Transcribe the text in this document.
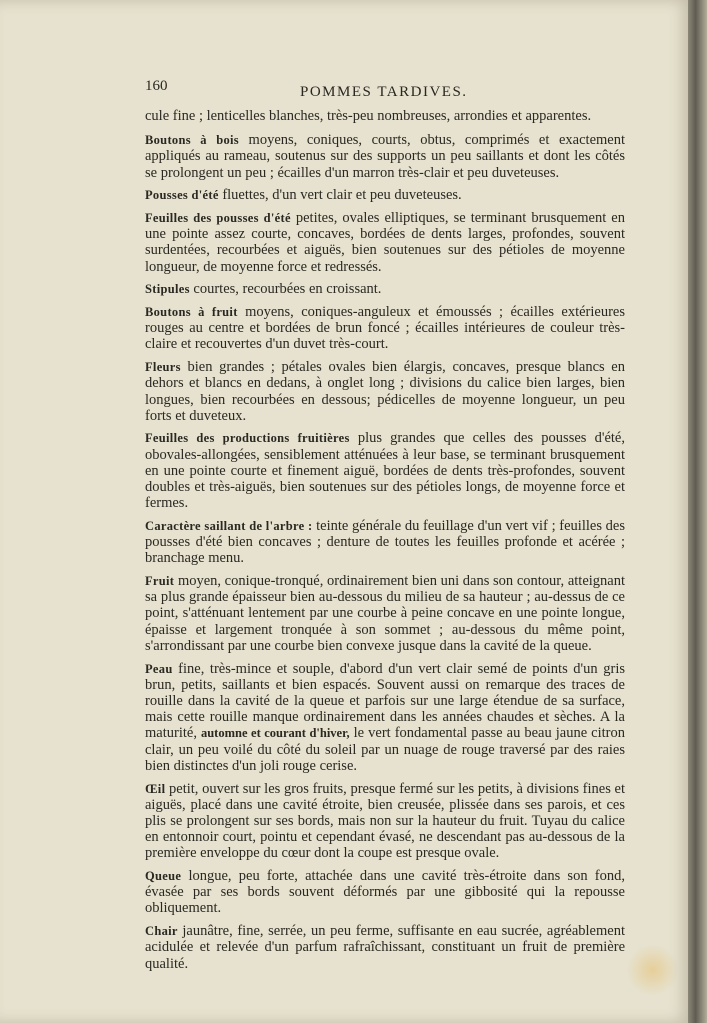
160	POMMES TARDIVES.

cule fine ; lenticelles blanches, très-peu nombreuses, arrondies et apparentes.

Boutons à bois moyens, coniques, courts, obtus, comprimés et exactement appliqués au rameau, soutenus sur des supports un peu saillants et dont les côtés se prolongent un peu ; écailles d'un marron très-clair et peu duveteuses.

Pousses d'été fluettes, d'un vert clair et peu duveteuses.

Feuilles des pousses d'été petites, ovales elliptiques, se terminant brusquement en une pointe assez courte, concaves, bordées de dents larges, profondes, souvent surdentées, recourbées et aiguës, bien soutenues sur des pétioles de moyenne longueur, de moyenne force et redressés.

Stipules courtes, recourbées en croissant.

Boutons à fruit moyens, coniques-anguleux et émoussés ; écailles extérieures rouges au centre et bordées de brun foncé ; écailles intérieures de couleur très-claire et recouvertes d'un duvet très-court.

Fleurs bien grandes ; pétales ovales bien élargis, concaves, presque blancs en dehors et blancs en dedans, à onglet long ; divisions du calice bien larges, bien longues, bien recourbées en dessous; pédicelles de moyenne longueur, un peu forts et duveteux.

Feuilles des productions fruitières plus grandes que celles des pousses d'été, obovales-allongées, sensiblement atténuées à leur base, se terminant brusquement en une pointe courte et finement aiguë, bordées de dents très-profondes, souvent doubles et très-aiguës, bien soutenues sur des pétioles longs, de moyenne force et fermes.

Caractère saillant de l'arbre : teinte générale du feuillage d'un vert vif ; feuilles des pousses d'été bien concaves ; denture de toutes les feuilles profonde et acérée ; branchage menu.

Fruit moyen, conique-tronqué, ordinairement bien uni dans son contour, atteignant sa plus grande épaisseur bien au-dessous du milieu de sa hauteur ; au-dessus de ce point, s'atténuant lentement par une courbe à peine concave en une pointe longue, épaisse et largement tronquée à son sommet ; au-dessous du même point, s'arrondissant par une courbe bien convexe jusque dans la cavité de la queue.

Peau fine, très-mince et souple, d'abord d'un vert clair semé de points d'un gris brun, petits, saillants et bien espacés. Souvent aussi on remarque des traces de rouille dans la cavité de la queue et parfois sur une large étendue de sa surface, mais cette rouille manque ordinairement dans les années chaudes et sèches. A la maturité, automne et courant d'hiver, le vert fondamental passe au beau jaune citron clair, un peu voilé du côté du soleil par un nuage de rouge traversé par des raies bien distinctes d'un joli rouge cerise.

Œil petit, ouvert sur les gros fruits, presque fermé sur les petits, à divisions fines et aiguës, placé dans une cavité étroite, bien creusée, plissée dans ses parois, et ces plis se prolongent sur ses bords, mais non sur la hauteur du fruit. Tuyau du calice en entonnoir court, pointu et cependant évasé, ne descendant pas au-dessous de la première enveloppe du cœur dont la coupe est presque ovale.

Queue longue, peu forte, attachée dans une cavité très-étroite dans son fond, évasée par ses bords souvent déformés par une gibbosité qui la repousse obliquement.

Chair jaunâtre, fine, serrée, un peu ferme, suffisante en eau sucrée, agréablement acidulée et relevée d'un parfum rafraîchissant, constituant un fruit de première qualité.
